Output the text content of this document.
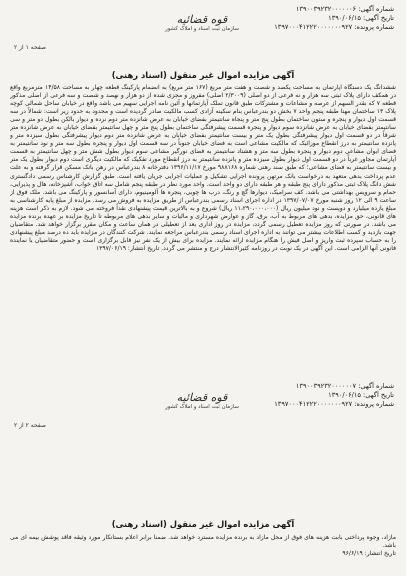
شماره آگهی: ۱۳۹۰۰۳۹۲۳۲۰۰۰۰۰۰۶
تاریخ آگهی: ۱۳۹۰/۰۶/۱۵
شماره پرونده: ۱۳۹۷۰۰۰۴۱۲۲۲۰۰۰۰۰۰۰۹۲۷
قوه قضائیه
سازمان ثبت اسناد و املاک کشور
صفحه ۱ از ۲
آگهی مزایده اموال غیر منقول (اسناد رهنی)
ششدانگ یک دستگاه آپارتمان به مساحت یکصد و شصت و هفت متر مربع (۱۶۷ متر مربع) به انضمام پارکینگ قطعه چهار به مساحت ۱۴/۵۸ مترمربع واقع در همکف دارای پلاک ثبتی سه هزار و نه فرعی از دو اصلی (۲/۳۰۰۹ اصلی) مفروز و مجزی شده از دو هزار و نهصد و شصت و سه فرعی از اصلی مذکور قطعه ۷ که بقدر السهم از عرصه و مشاعات و مشترکات طبق قانون تملک آپارتمانها و آئین نامه اجرایی سهیم می باشد واقع در خیابان ساحل شمالی کوچه پلاک ۱۳ ساختمان مهتا طبقه پنجم واحد ۷ بخش دو بندرعباس بنام سکینه آزادی کسب مالکیت صادر گردیده است و محدود به حدود زیر است: شمالاً در سه قسمت اول دیوار و پنجره و ستون ساختمان بطول پنج متر و پنجاه سانتیمتر بفضای خیابان به عرض شانزده متر دوم نرده و دیوار بالکن بطول دو متر و سی سانتیمتر بفضای خیابان به عرض شانزده سوم دیوار و پنجره قسمت پیشرفتگی ساختمان بطول پنج متر و چهل سانتیمتر بفضای خیابان به عرض شانزده متر شرقاً در دو قسمت اول دیوار پیشرفتگی بطول یک متر و بیست سانتیمتر بفضای خیابان به عرض شانزده متر دوم دیوار پیشرفتگی بطول سیزده متر و پانزده سانتیمتر به درز انقطاع موزائیک که مالکیت مشاعی است به فضای خیابان جنوباً در سه قسمت اول دیوار و پنجره بطول سه متر و نود سانتیمتر به فضای ایوان مشاعی دوم دیوار و پنجره بطول سه متر و هشتاد سانتیمتر به فضای نورگیر مشاعی سوم دیوار بطول شش متر و چهل سانتیمتر به قسمت آپارتمان مجاور غرباً در دو قسمت اول دیوار بطول سیزده متر و پانزده سانتیمتر به درز انقطاع مورد تفکیک که مالکیت دیگری است دوم دیوار بطول یک متر و بیست سانتیمتر به فضای مشاعی؛ که طبق سند رهنی شماره ۹۸۸۱۶۸ مورخ ۱۳۹۶/۱۱/۱۷ دفترخانه ۸ بندرعباس در رهن بانک مسکن قرار گرفته و به علت عدم پرداخت بدهی متعهد به درخواست بانک مرتهن پرونده اجرایی تشکیل و عملیات اجرایی جریان یافته است. طبق گزارش کارشناس رسمی دادگستری شش دانگ پلاک ثبتی مذکور دارای پنج طبقه و هر طبقه دارای دو واحد است. واحد مورد نظر در طبقه پنجم شامل سه اتاق خواب، آشپزخانه، هال و پذیرایی، حمام و سرویس بهداشتی می باشد. کف سرامیک، دیوارها گچ و رنگ، درب ها چوبی، پنجره ها آلومینیوم، دارای آسانسور و پارکینگ می باشد. ملک فوق از ساعت ۹ الی ۱۲ روز شنبه مورخ ۱۳۹۷/۰۷/۰۷ در اداره اجرای اسناد رسمی بندرعباس از طریق مزایده به فروش می رسد. مزایده از مبلغ پایه کارشناسی به مبلغ یازده میلیارد و دویست و نود میلیون ریال (۱۱،۲۹۰،۰۰۰،۰۰۰ ریال) شروع و به بالاترین قیمت پیشنهادی نقداً فروخته می شود. لازم به ذکر است هزینه های قانونی، حق مزایده، بدهی های مربوط به آب، برق، گاز و عوارض شهرداری و مالیات و سایر بدهی های مربوطه تا تاریخ مزایده بر عهده برنده مزایده می باشد. در صورتی که روز مزایده تعطیل رسمی گردد، مزایده در روز اداری بعد از تعطیلی در همان ساعت و مکان مقرر برگزار خواهد شد. متقاضیان جهت بازدید و کسب اطلاعات بیشتر می توانند به اداره اجرای اسناد رسمی بندرعباس مراجعه نمایند. شرکت کنندگان در مزایده باید ده درصد مبلغ پیشنهادی را به حساب سپرده ثبت واریز و اصل فیش را هنگام مزایده ارائه نمایند. مزایده برای بیش از یک نفر نیز قابل برگزاری است و حضور متقاضیان یا نماینده قانونی آنها الزامی است. این آگهی در یک نوبت در روزنامه کثیرالانتشار درج و منتشر می گردد. تاریخ انتشار: ۱۳۹۷/۰۶/۱۹
شماره آگهی: ۱۳۹۰۰۳۹۲۳۲۰۰۰۰۰۰۷
تاریخ آگهی: ۱۳۹۰/۰۶/۱۵
شماره پرونده: ۱۳۹۷۰۰۰۴۱۲۲۲۰۰۰۰۰۰۰۹۲۷
قوه قضائیه
سازمان ثبت اسناد و املاک کشور
صفحه ۲ از ۲
آگهی مزایده اموال غیر منقول (اسناد رهنی)
مازاد، وجوه پرداختی بابت هزینه های فوق از محل مازاد به برنده مزایده مسترد خواهد شد. ضمنا برابر اعلام بستانکار مورد وثیقه فاقد پوشش بیمه ای می باشد.
تاریخ انتشار: ۹۶/۶/۱۹
